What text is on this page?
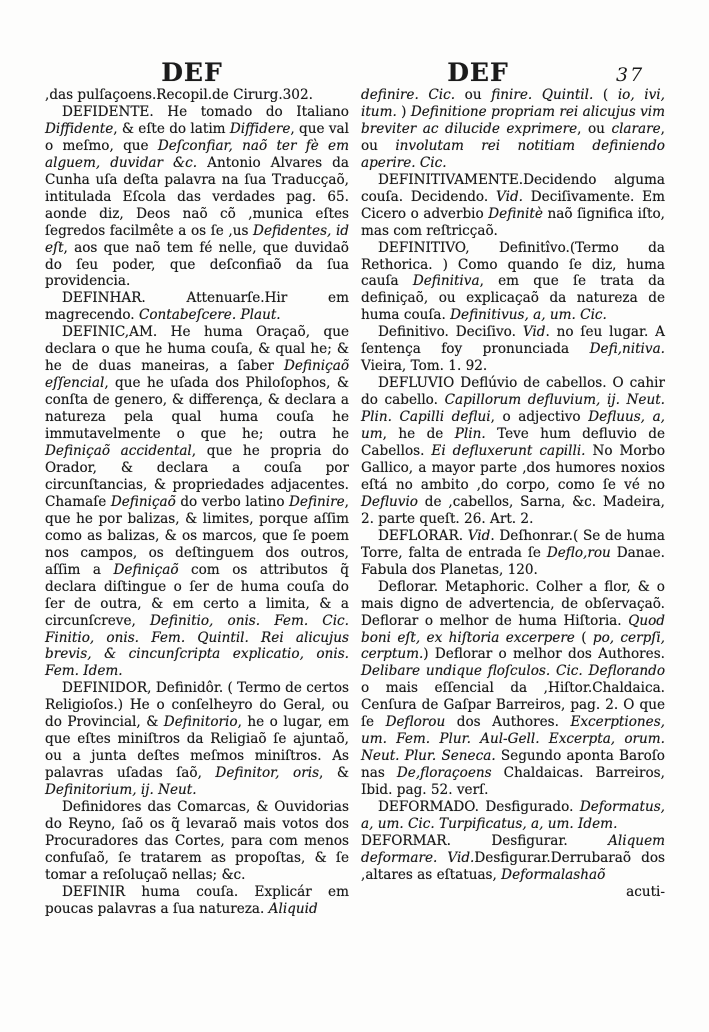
DEF	DEF	37

,das pulſaçoens.Recopil.de Cirurg.302.

DEFIDENTE. He tomado do Italiano Diffidente, & eſte do latim Diffidere, que val o meſmo, que Deſconfiar, naõ ter fè em alguem, duvidar &c. Antonio Alvares da Cunha uſa deſta palavra na ſua Traducçaõ, intitulada Eſcola das verdades pag. 65. aonde diz, Deos naõ cõ ,munica eſtes ſegredos facilmête a os ſe ,us Defidentes, id eſt, aos que naõ tem fé nelle, que duvidaõ do ſeu poder, que deſconfiaõ da ſua providencia.

DEFINHAR. Attenuarſe.Hir em magrecendo. Contabeſcere. Plaut.

DEFINIC,AM. He huma Oraçaõ, que declara o que he huma couſa, & qual he; & he de duas maneiras, a ſaber Definiçaõ eſſencial, que he uſada dos Philoſophos, & conſta de genero, & differença, & declara a natureza pela qual huma couſa he immutavelmente o que he; outra he Definiçaõ accidental, que he propria do Orador, & declara a couſa por circunſtancias, & propriedades adjacentes. Chamaſe Definiçaõ do verbo latino Definire, que he por balizas, & limites, porque aſſim como as balizas, & os marcos, que ſe poem nos campos, os deſtinguem dos outros, aſſim a Definiçaõ com os attributos q̃ declara diſtingue o ſer de huma couſa do ſer de outra, & em certo a limita, & a circunſcreve, Definitio, onis. Fem. Cic. Finitio, onis. Fem. Quintil. Rei alicujus brevis, & cincunſcripta explicatio, onis. Fem. Idem.

DEFINIDOR, Definidôr. ( Termo de certos Religioſos.) He o conſelheyro do Geral, ou do Provincial, & Definitorio, he o lugar, em que eſtes miniſtros da Religiaõ ſe ajuntaõ, ou a junta deſtes meſmos miniſtros. As palavras uſadas ſaõ, Definitor, oris, & Definitorium, ij. Neut.

Definidores das Comarcas, & Ouvidorias do Reyno, ſaõ os q̃ levaraõ mais votos dos Procuradores das Cortes, para com menos confuſaõ, ſe tratarem as propoſtas, & ſe tomar a reſoluçaõ nellas; &c.

DEFINIR huma couſa. Explicár em poucas palavras a ſua natureza. Aliquid

definire. Cic. ou finire. Quintil. ( io, ivi, itum. ) Definitione propriam rei alicujus vim breviter ac dilucide exprimere, ou clarare, ou involutam rei notitiam definiendo aperire. Cic.

DEFINITIVAMENTE.Decidendo alguma couſa. Decidendo. Vid. Deciſivamente. Em Cicero o adverbio Definitè naõ ſignifica iſto, mas com reſtricçaõ.

DEFINITIVO, Definitîvo.(Termo da Rethorica. ) Como quando ſe diz, huma cauſa Definitiva, em que ſe trata da definiçaõ, ou explicaçaõ da natureza de huma couſa. Definitivus, a, um. Cic.

Definitivo. Deciſivo. Vid. no ſeu lugar. A ſentença foy pronunciada Defi,nitiva. Vieira, Tom. 1. 92.

DEFLUVIO Deflúvio de cabellos. O cahir do cabello. Capillorum defluvium, ij. Neut. Plin. Capilli deflui, o adjectivo Defluus, a, um, he de Plin. Teve hum defluvio de Cabellos. Ei defluxerunt capilli. No Morbo Gallico, a mayor parte ,dos humores noxios eſtá no ambito ,do corpo, como ſe vé no Defluvio de ,cabellos, Sarna, &c. Madeira, 2. parte queſt. 26. Art. 2.

DEFLORAR. Vid. Deſhonrar.( Se de huma Torre, falta de entrada ſe Deflo,rou Danae. Fabula dos Planetas, 120.

Deflorar. Metaphoric. Colher a flor, & o mais digno de advertencia, de obſervaçaõ. Deflorar o melhor de huma Hiſtoria. Quod boni eſt, ex hiſtoria excerpere ( po, cerpſi, cerptum.) Deflorar o melhor dos Authores. Delibare undique floſculos. Cic. Deflorando o mais eſſencial da ,Hiſtor.Chaldaica. Cenſura de Gaſpar Barreiros, pag. 2. O que ſe Deflorou dos Authores. Excerptiones, um. Fem. Plur. Aul-Gell. Excerpta, orum. Neut. Plur. Seneca. Segundo aponta Baroſo nas De,floraçoens Chaldaicas. Barreiros, Ibid. pag. 52. verſ.

DEFORMADO. Desfigurado. Deformatus, a, um. Cic. Turpificatus, a, um. Idem.

DEFORMAR. Desfigurar. Aliquem deformare. Vid.Desfigurar.Derrubaraõ dos ,altares as eſtatuas, Deformalashaõ

acuti-
